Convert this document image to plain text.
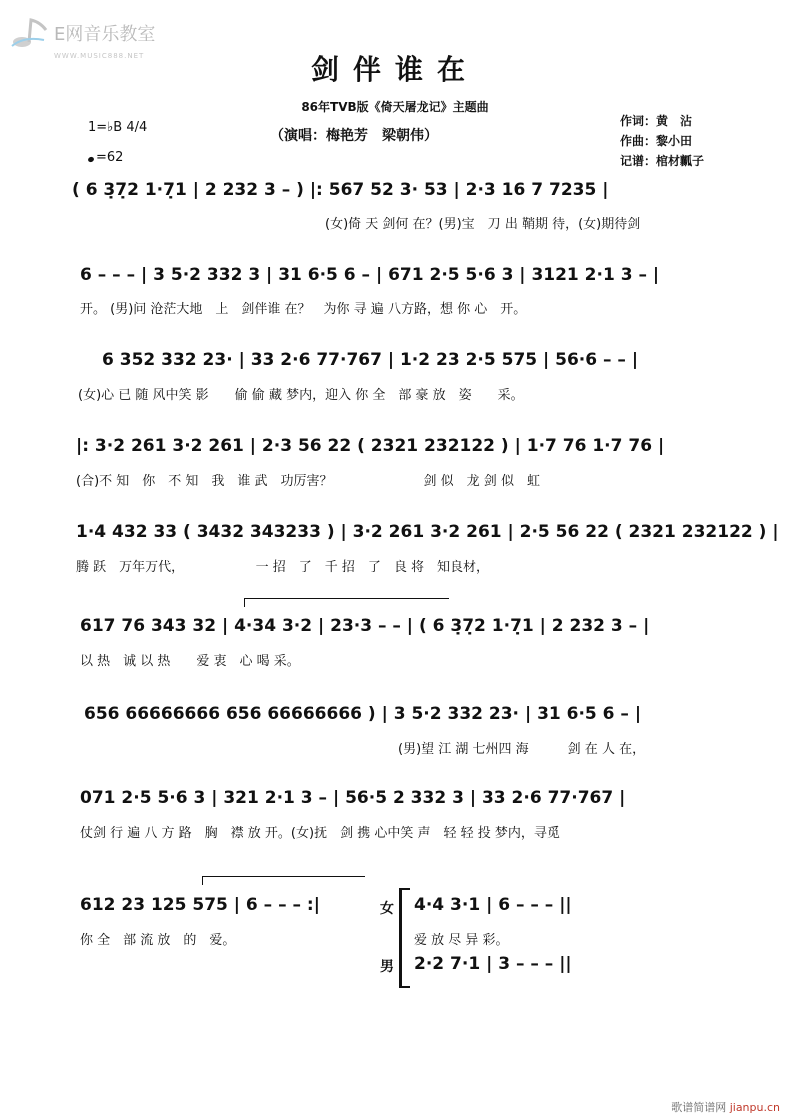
E网音乐教室
WWW.MUSIC888.NET	剑伴谁在
86年TVB版《倚天屠龙记》主题曲
（演唱：梅艳芳　梁朝伟）
作词：黄　沾
作曲：黎小田
记谱：棺材瓤子
1=♭B 4/4
=62
( 6 3̣7̣2 1·7̣1 | 2 232 3 – ) |: 567 52 3· 53 | 2·3 16 7 7235 |
(女)倚 天 剑何 在？(男)宝　刀 出 鞘期 待，(女)期待剑
6 – – – | 3 5·2 332 3 | 31 6·5 6 – | 671 2·5 5·6 3 | 3121 2·1 3 – |
开。 (男)问 沧茫大地　上　剑伴谁 在？　为你 寻 遍 八方路，想 你 心　开。
6 352 332 23· | 33 2·6 77·767 | 1·2 23 2·5 575 | 56·6 – – |
(女)心 已 随 风中笑 影　　偷 偷 藏 梦内，迎入 你 全　部 豪 放　姿　　采。
|: 3·2 261 3·2 261 | 2·3 56 22 ( 2321 232122 ) | 1·7 76 1·7 76 |
(合)不 知　你　不 知　我　谁 武　功厉害？　　　　　　　剑 似　龙 剑 似　虹
1·4 432 33 ( 3432 343233 ) | 3·2 261 3·2 261 | 2·5 56 22 ( 2321 232122 ) |
腾 跃　万年万代，　　　　　　一 招　了　千 招　了　良 将　知良材，
617 76 343 32 | 4·34 3·2 | 23·3 – – | ( 6 3̣7̣2 1·7̣1 | 2 232 3 – |
以 热　诚 以 热　　爱 衷　心 喝 采。
656 66666666 656 66666666 ) | 3 5·2 332 23· | 31 6·5 6 – |
(男)望 江 湖 七州四 海　　　剑 在 人 在，
071 2·5 5·6 3 | 321 2·1 3 – | 56·5 2 332 3 | 33 2·6 77·767 |
仗剑 行 遍 八 方 路　胸　襟 放 开。(女)抚　剑 携 心中笑 声　轻 轻 投 梦内，寻觅
612 23 125 575 | 6 – – – :|
你 全　部 流 放　的　爱。
女
男
4·4 3·1 | 6 – – – ||
爱 放 尽 异 彩。
2·2 7·1 | 3 – – – ||
歌谱简谱网 jianpu.cn
